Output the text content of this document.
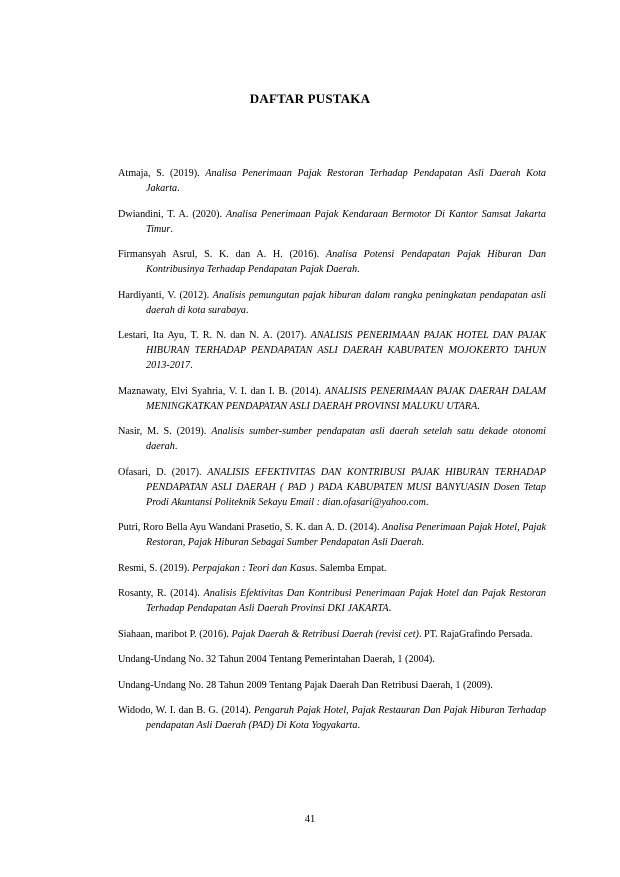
DAFTAR PUSTAKA

Atmaja, S. (2019). Analisa Penerimaan Pajak Restoran Terhadap Pendapatan Asli Daerah Kota Jakarta.

Dwiandini, T. A. (2020). Analisa Penerimaan Pajak Kendaraan Bermotor Di Kantor Samsat Jakarta Timur.

Firmansyah Asrul, S. K. dan A. H. (2016). Analisa Potensi Pendapatan Pajak Hiburan Dan Kontribusinya Terhadap Pendapatan Pajak Daerah.

Hardiyanti, V. (2012). Analisis pemungutan pajak hiburan dalam rangka peningkatan pendapatan asli daerah di kota surabaya.

Lestari, Ita Ayu, T. R. N. dan N. A. (2017). ANALISIS PENERIMAAN PAJAK HOTEL DAN PAJAK HIBURAN TERHADAP PENDAPATAN ASLI DAERAH KABUPATEN MOJOKERTO TAHUN 2013-2017.

Maznawaty, Elvi Syahria, V. I. dan I. B. (2014). ANALISIS PENERIMAAN PAJAK DAERAH DALAM MENINGKATKAN PENDAPATAN ASLI DAERAH PROVINSI MALUKU UTARA.

Nasir, M. S. (2019). Analisis sumber-sumber pendapatan asli daerah setelah satu dekade otonomi daerah.

Ofasari, D. (2017). ANALISIS EFEKTIVITAS DAN KONTRIBUSI PAJAK HIBURAN TERHADAP PENDAPATAN ASLI DAERAH ( PAD ) PADA KABUPATEN MUSI BANYUASIN Dosen Tetap Prodi Akuntansi Politeknik Sekayu Email : dian.ofasari@yahoo.com.

Putri, Roro Bella Ayu Wandani Prasetio, S. K. dan A. D. (2014). Analisa Penerimaan Pajak Hotel, Pajak Restoran, Pajak Hiburan Sebagai Sumber Pendapatan Asli Daerah.

Resmi, S. (2019). Perpajakan : Teori dan Kasus. Salemba Empat.

Rosanty, R. (2014). Analisis Efektivitas Dan Kontribusi Penerimaan Pajak Hotel dan Pajak Restoran Terhadap Pendapatan Asli Daerah Provinsi DKI JAKARTA.

Siahaan, maribot P. (2016). Pajak Daerah & Retribusi Daerah (revisi cet). PT. RajaGrafindo Persada.

Undang-Undang No. 32 Tahun 2004 Tentang Pemerintahan Daerah, 1 (2004).

Undang-Undang No. 28 Tahun 2009 Tentang Pajak Daerah Dan Retribusi Daerah, 1 (2009).

Widodo, W. I. dan B. G. (2014). Pengaruh Pajak Hotel, Pajak Restauran Dan Pajak Hiburan Terhadap pendapatan Asli Daerah (PAD) Di Kota Yogyakarta.

41
